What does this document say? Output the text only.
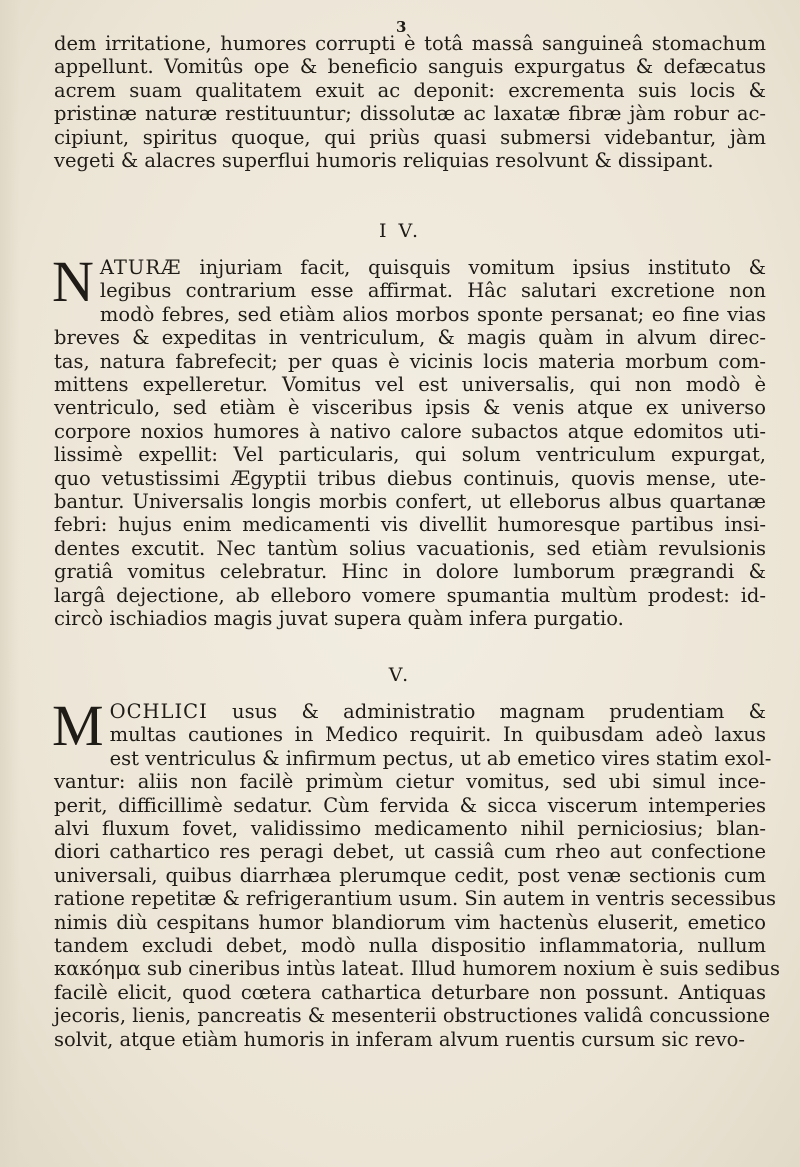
3
dem irritatione, humores corrupti è totâ massâ sanguineâ stomachum
appellunt. Vomitûs ope & beneficio sanguis expurgatus & defæcatus
acrem suam qualitatem exuit ac deponit: excrementa suis locis &
pristinæ naturæ restituuntur; dissolutæ ac laxatæ fibræ jàm robur ac-
cipiunt, spiritus quoque, qui priùs quasi submersi videbantur, jàm
vegeti & alacres superflui humoris reliquias resolvunt & dissipant.
I V.
N ATURÆ injuriam facit, quisquis vomitum ipsius instituto &
legibus contrarium esse affirmat. Hâc salutari excretione non
modò febres, sed etiàm alios morbos sponte persanat; eo fine vias
breves & expeditas in ventriculum, & magis quàm in alvum direc-
tas, natura fabrefecit; per quas è vicinis locis materia morbum com-
mittens expelleretur. Vomitus vel est universalis, qui non modò è
ventriculo, sed etiàm è visceribus ipsis & venis atque ex universo
corpore noxios humores à nativo calore subactos atque edomitos uti-
lissimè expellit: Vel particularis, qui solum ventriculum expurgat,
quo vetustissimi Ægyptii tribus diebus continuis, quovis mense, ute-
bantur. Universalis longis morbis confert, ut elleborus albus quartanæ
febri: hujus enim medicamenti vis divellit humoresque partibus insi-
dentes excutit. Nec tantùm solius vacuationis, sed etiàm revulsionis
gratiâ vomitus celebratur. Hinc in dolore lumborum prægrandi &
largâ dejectione, ab elleboro vomere spumantia multùm prodest: id-
circò ischiadios magis juvat supera quàm infera purgatio.
V.
M OCHLICI usus & administratio magnam prudentiam &
multas cautiones in Medico requirit. In quibusdam adeò laxus
est ventriculus & infirmum pectus, ut ab emetico vires statim exol-
vantur: aliis non facilè primùm cietur vomitus, sed ubi simul ince-
perit, difficillimè sedatur. Cùm fervida & sicca viscerum intemperies
alvi fluxum fovet, validissimo medicamento nihil perniciosius; blan-
diori cathartico res peragi debet, ut cassiâ cum rheo aut confectione
universali, quibus diarrhæa plerumque cedit, post venæ sectionis cum
ratione repetitæ & refrigerantium usum. Sin autem in ventris secessibus
nimis diù cespitans humor blandiorum vim hactenùs eluserit, emetico
tandem excludi debet, modò nulla dispositio inflammatoria, nullum
κακόημα sub cineribus intùs lateat. Illud humorem noxium è suis sedibus
facilè elicit, quod cœtera cathartica deturbare non possunt. Antiquas
jecoris, lienis, pancreatis & mesenterii obstructiones validâ concussione
solvit, atque etiàm humoris in inferam alvum ruentis cursum sic revo-
